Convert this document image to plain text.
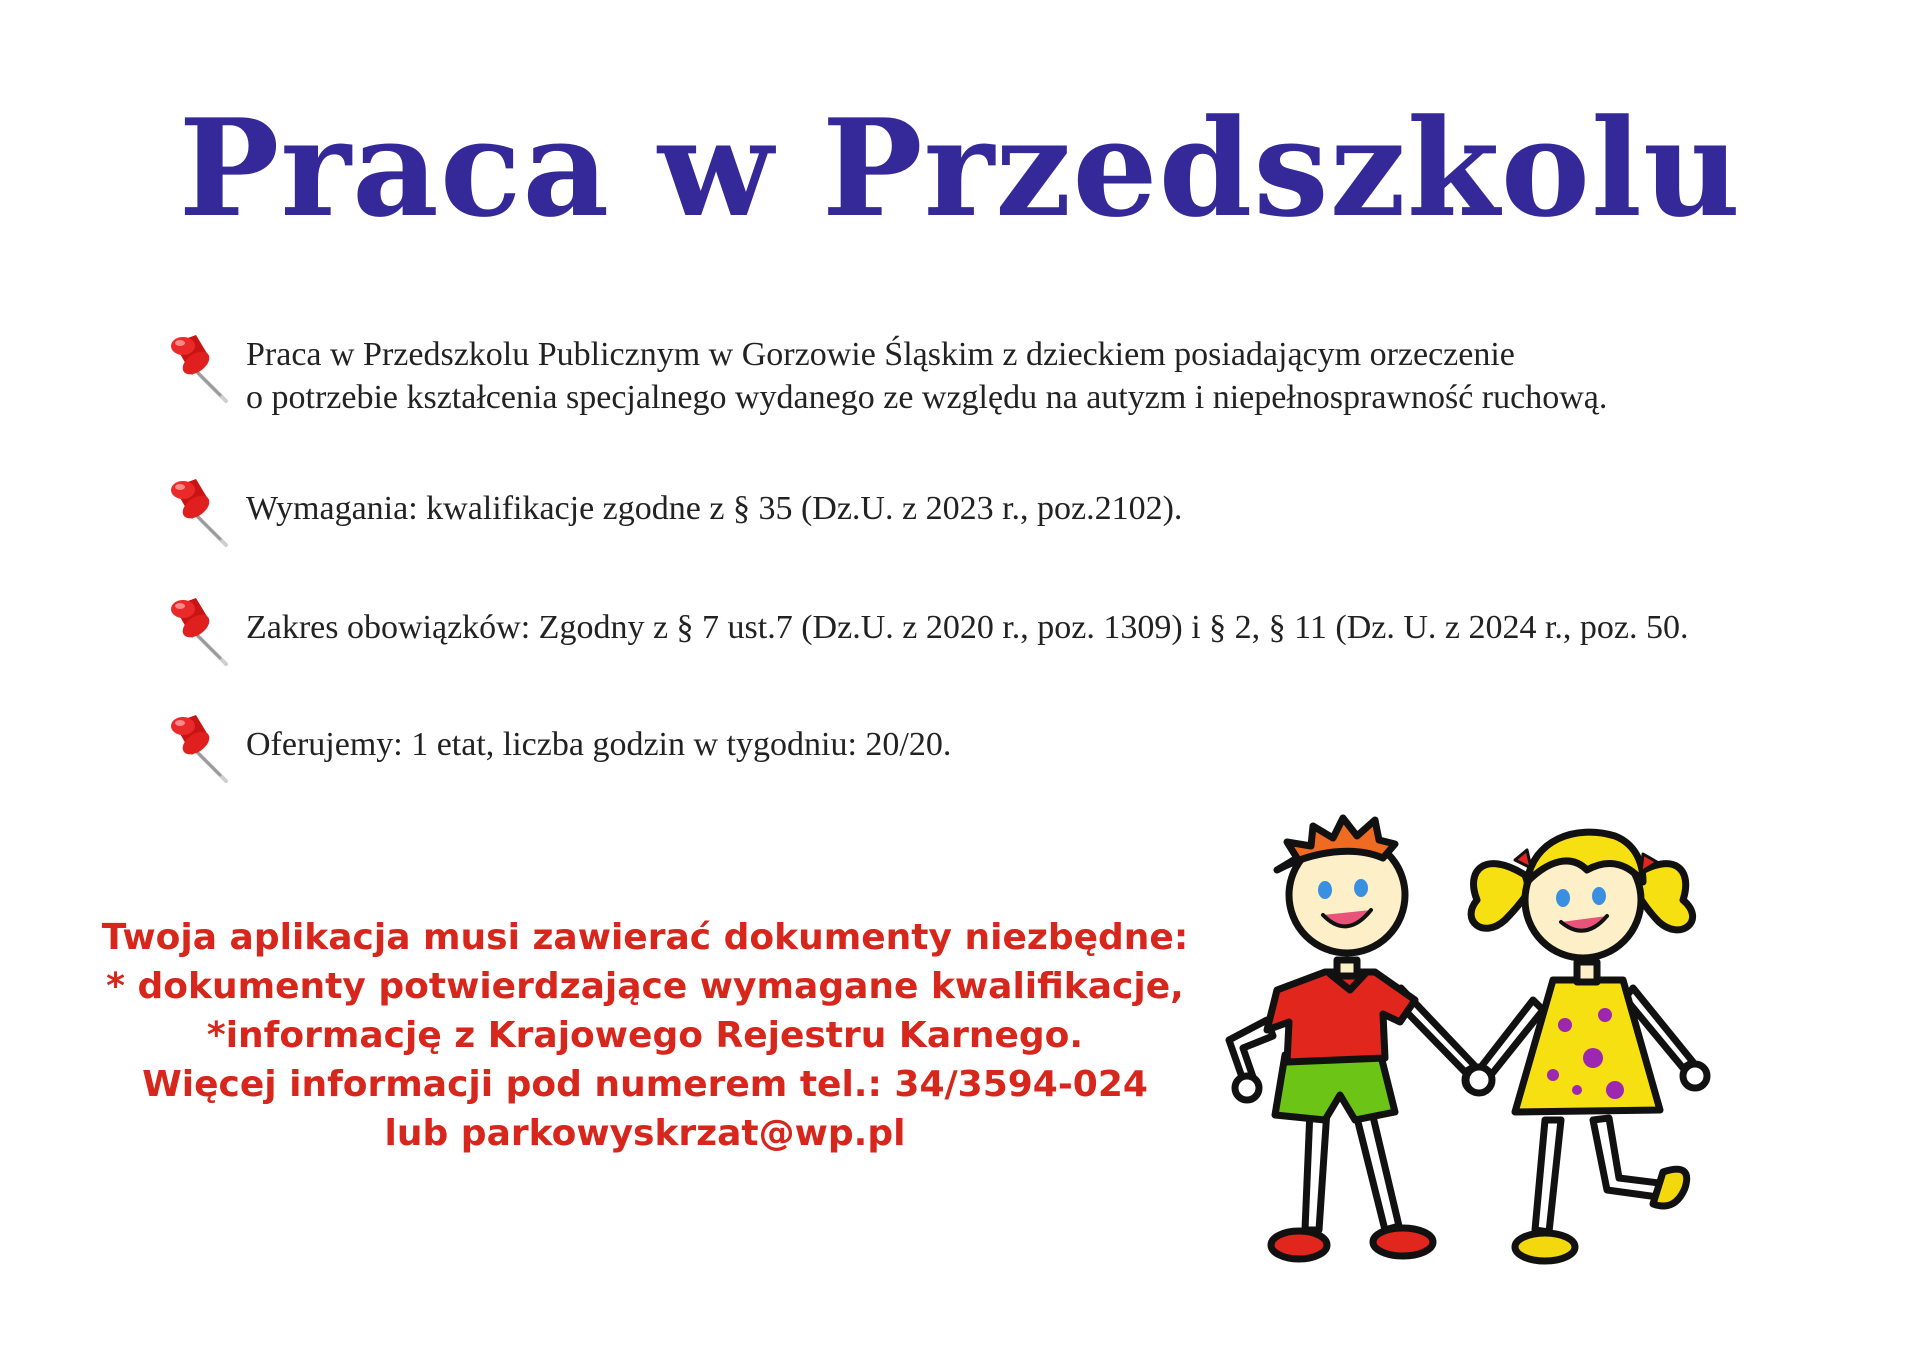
Praca w Przedszkolu
Praca w Przedszkolu Publicznym w Gorzowie Śląskim z dzieckiem posiadającym orzeczenie
o potrzebie kształcenia specjalnego wydanego ze względu na autyzm i niepełnosprawność ruchową.
Wymagania: kwalifikacje zgodne z § 35 (Dz.U. z 2023 r., poz.2102).
Zakres obowiązków: Zgodny z § 7 ust.7 (Dz.U. z 2020 r., poz. 1309) i § 2, § 11 (Dz. U. z 2024 r., poz. 50.
Oferujemy: 1 etat, liczba godzin w tygodniu: 20/20.
Twoja aplikacja musi zawierać dokumenty niezbędne:
* dokumenty potwierdzające wymagane kwalifikacje,
*informację z Krajowego Rejestru Karnego.
Więcej informacji pod numerem tel.: 34/3594-024
lub parkowyskrzat@wp.pl
